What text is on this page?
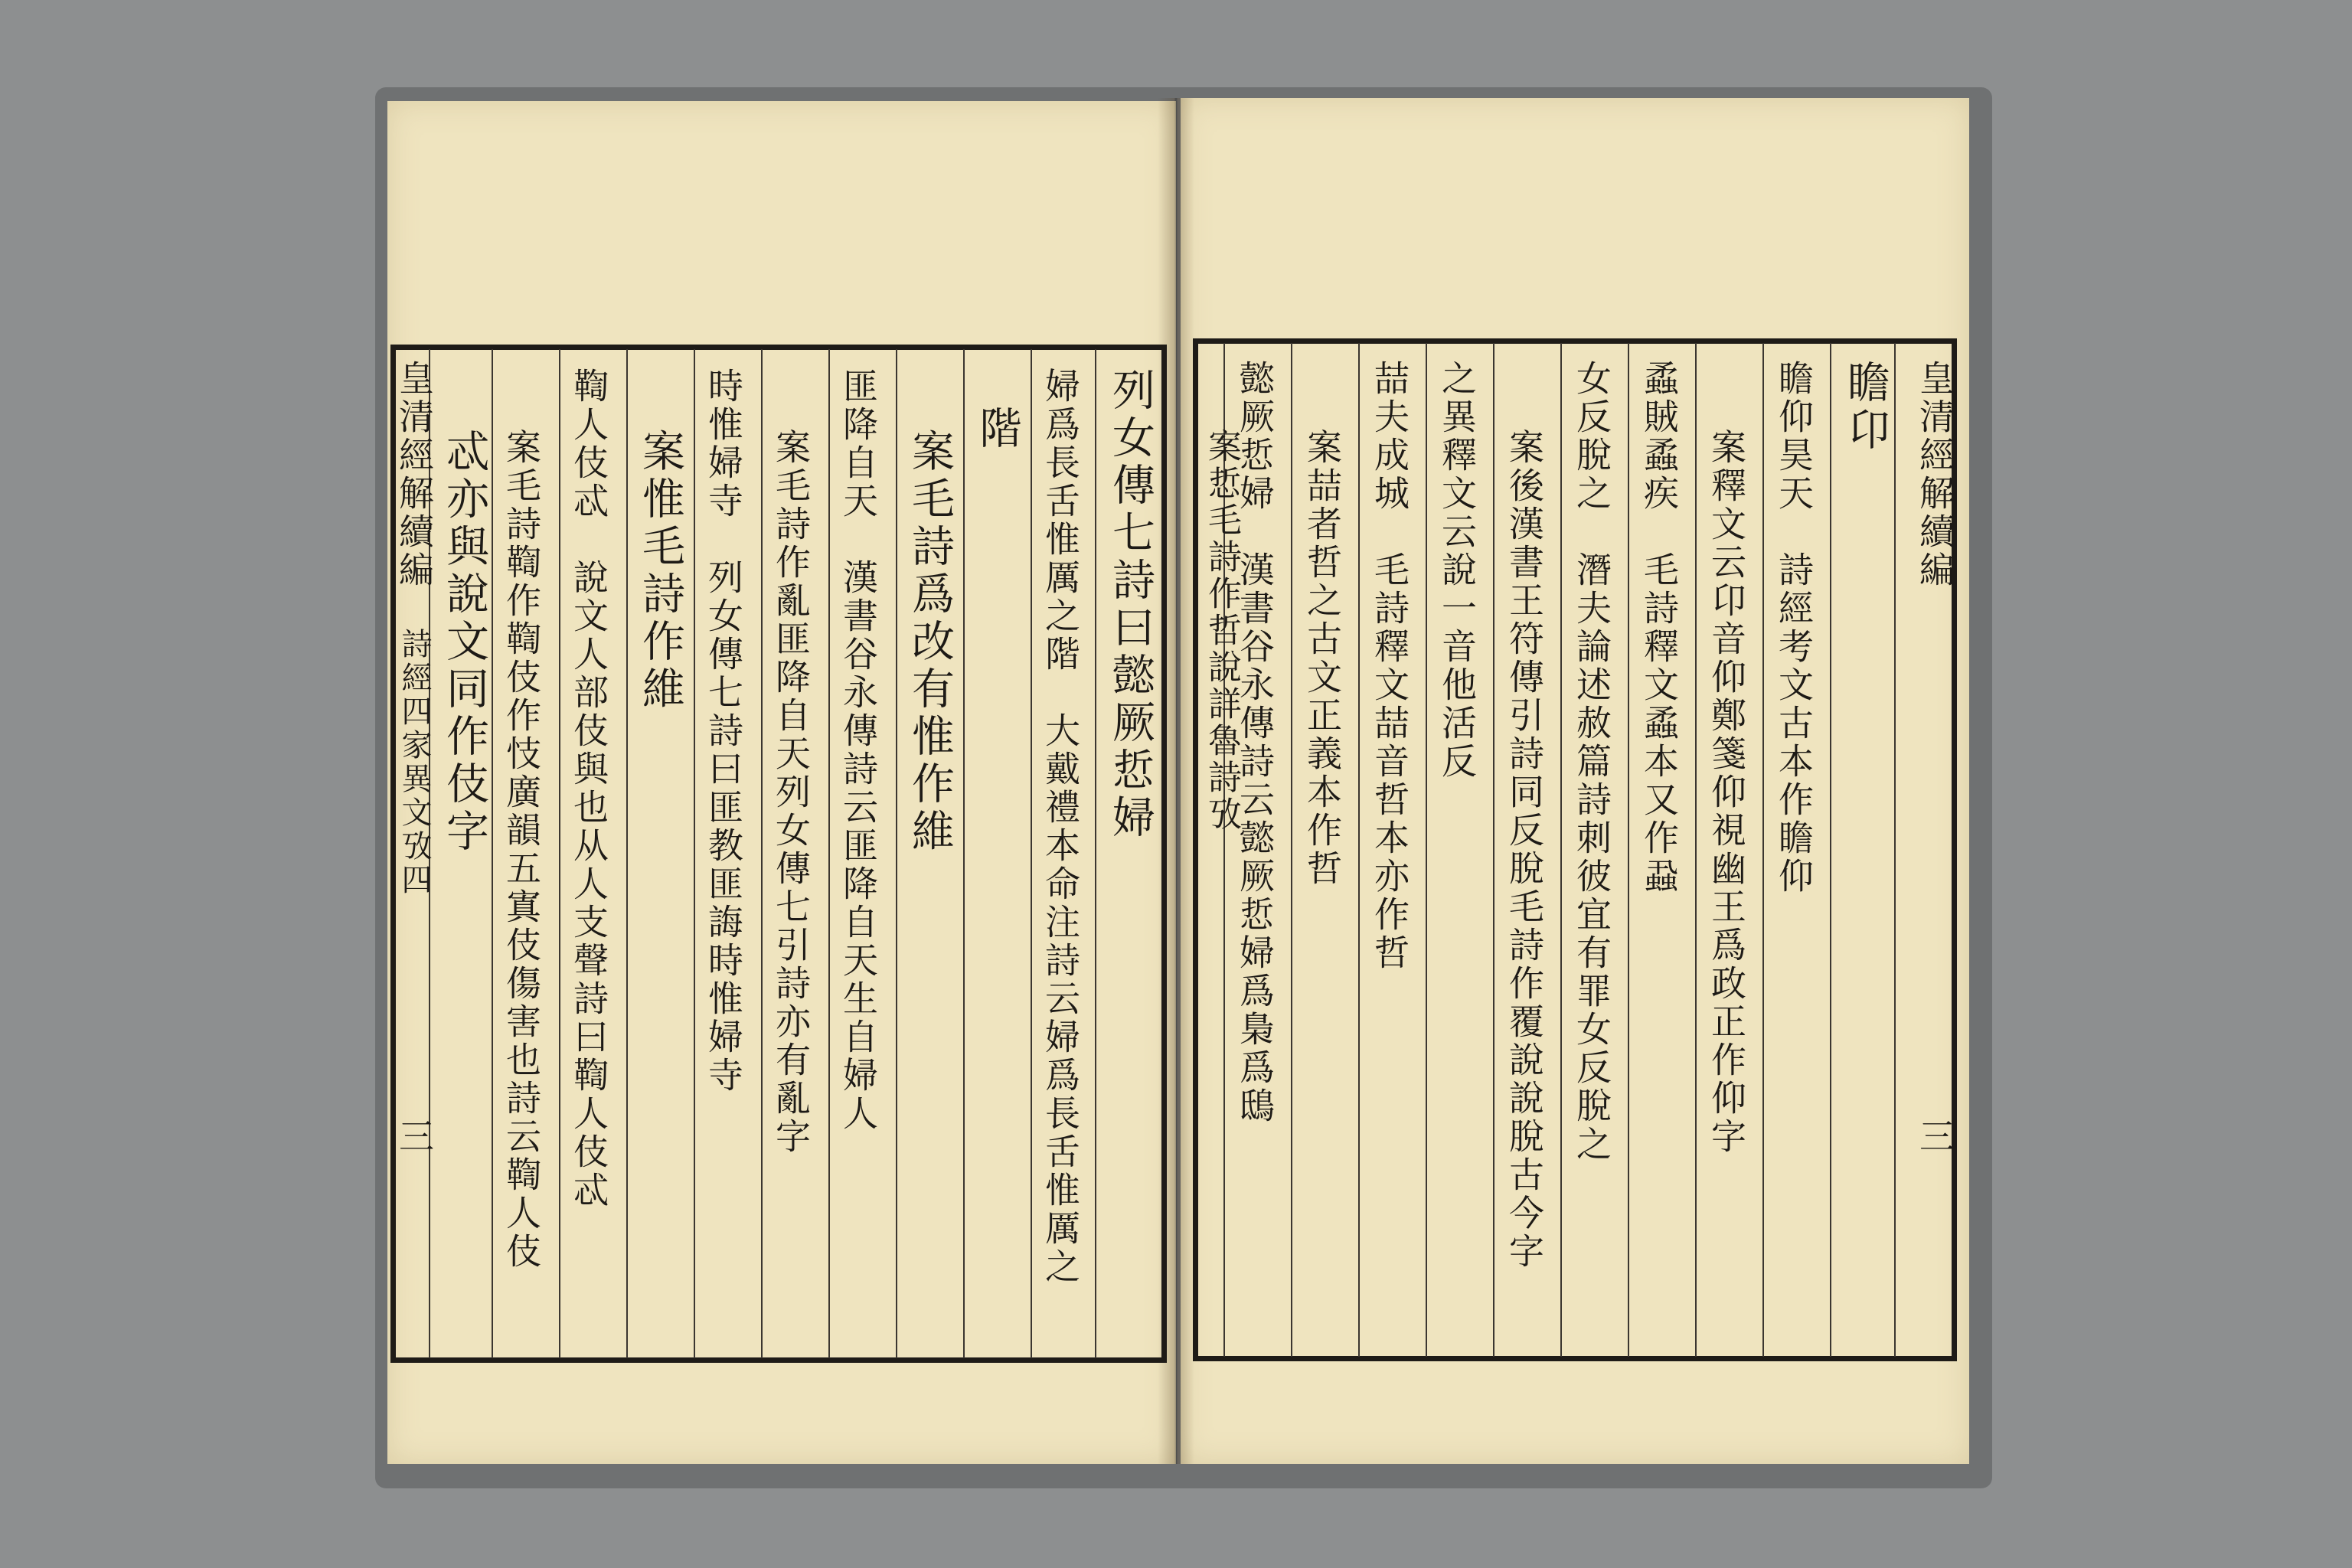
列女傳七詩曰懿厥悊婦
婦爲長舌惟厲之階　大戴禮本命注詩云婦爲長舌惟厲之
階
案毛詩爲改有惟作維
匪降自天　漢書谷永傳詩云匪降自天生自婦人
案毛詩作亂匪降自天列女傳七引詩亦有亂字
時惟婦寺　列女傳七詩曰匪教匪誨時惟婦寺
案惟毛詩作維
鞫人伎忒　說文人部伎與也从人支聲詩曰鞫人伎忒
案毛詩鞫作鞫伎作忮廣韻五寘伎傷害也詩云鞫人伎
忒亦與說文同作伎字
皇清經解續編
詩經四家異文攷四
三
皇清經解續編
三
瞻卬
瞻仰昊天　詩經考文古本作瞻仰
案釋文云卬音仰鄭箋仰視幽王爲政正作仰字
蟊賊蟊疾　毛詩釋文蟊本又作蝨
女反脫之　潛夫論述赦篇詩刺彼宜有罪女反脫之
案後漢書王符傳引詩同反脫毛詩作覆說說脫古今字
之異釋文云說一音他活反
喆夫成城　毛詩釋文喆音哲本亦作哲
案喆者哲之古文正義本作哲
懿厥悊婦　漢書谷永傳詩云懿厥悊婦爲梟爲鴟
案悊毛詩作哲說詳魯詩攷
